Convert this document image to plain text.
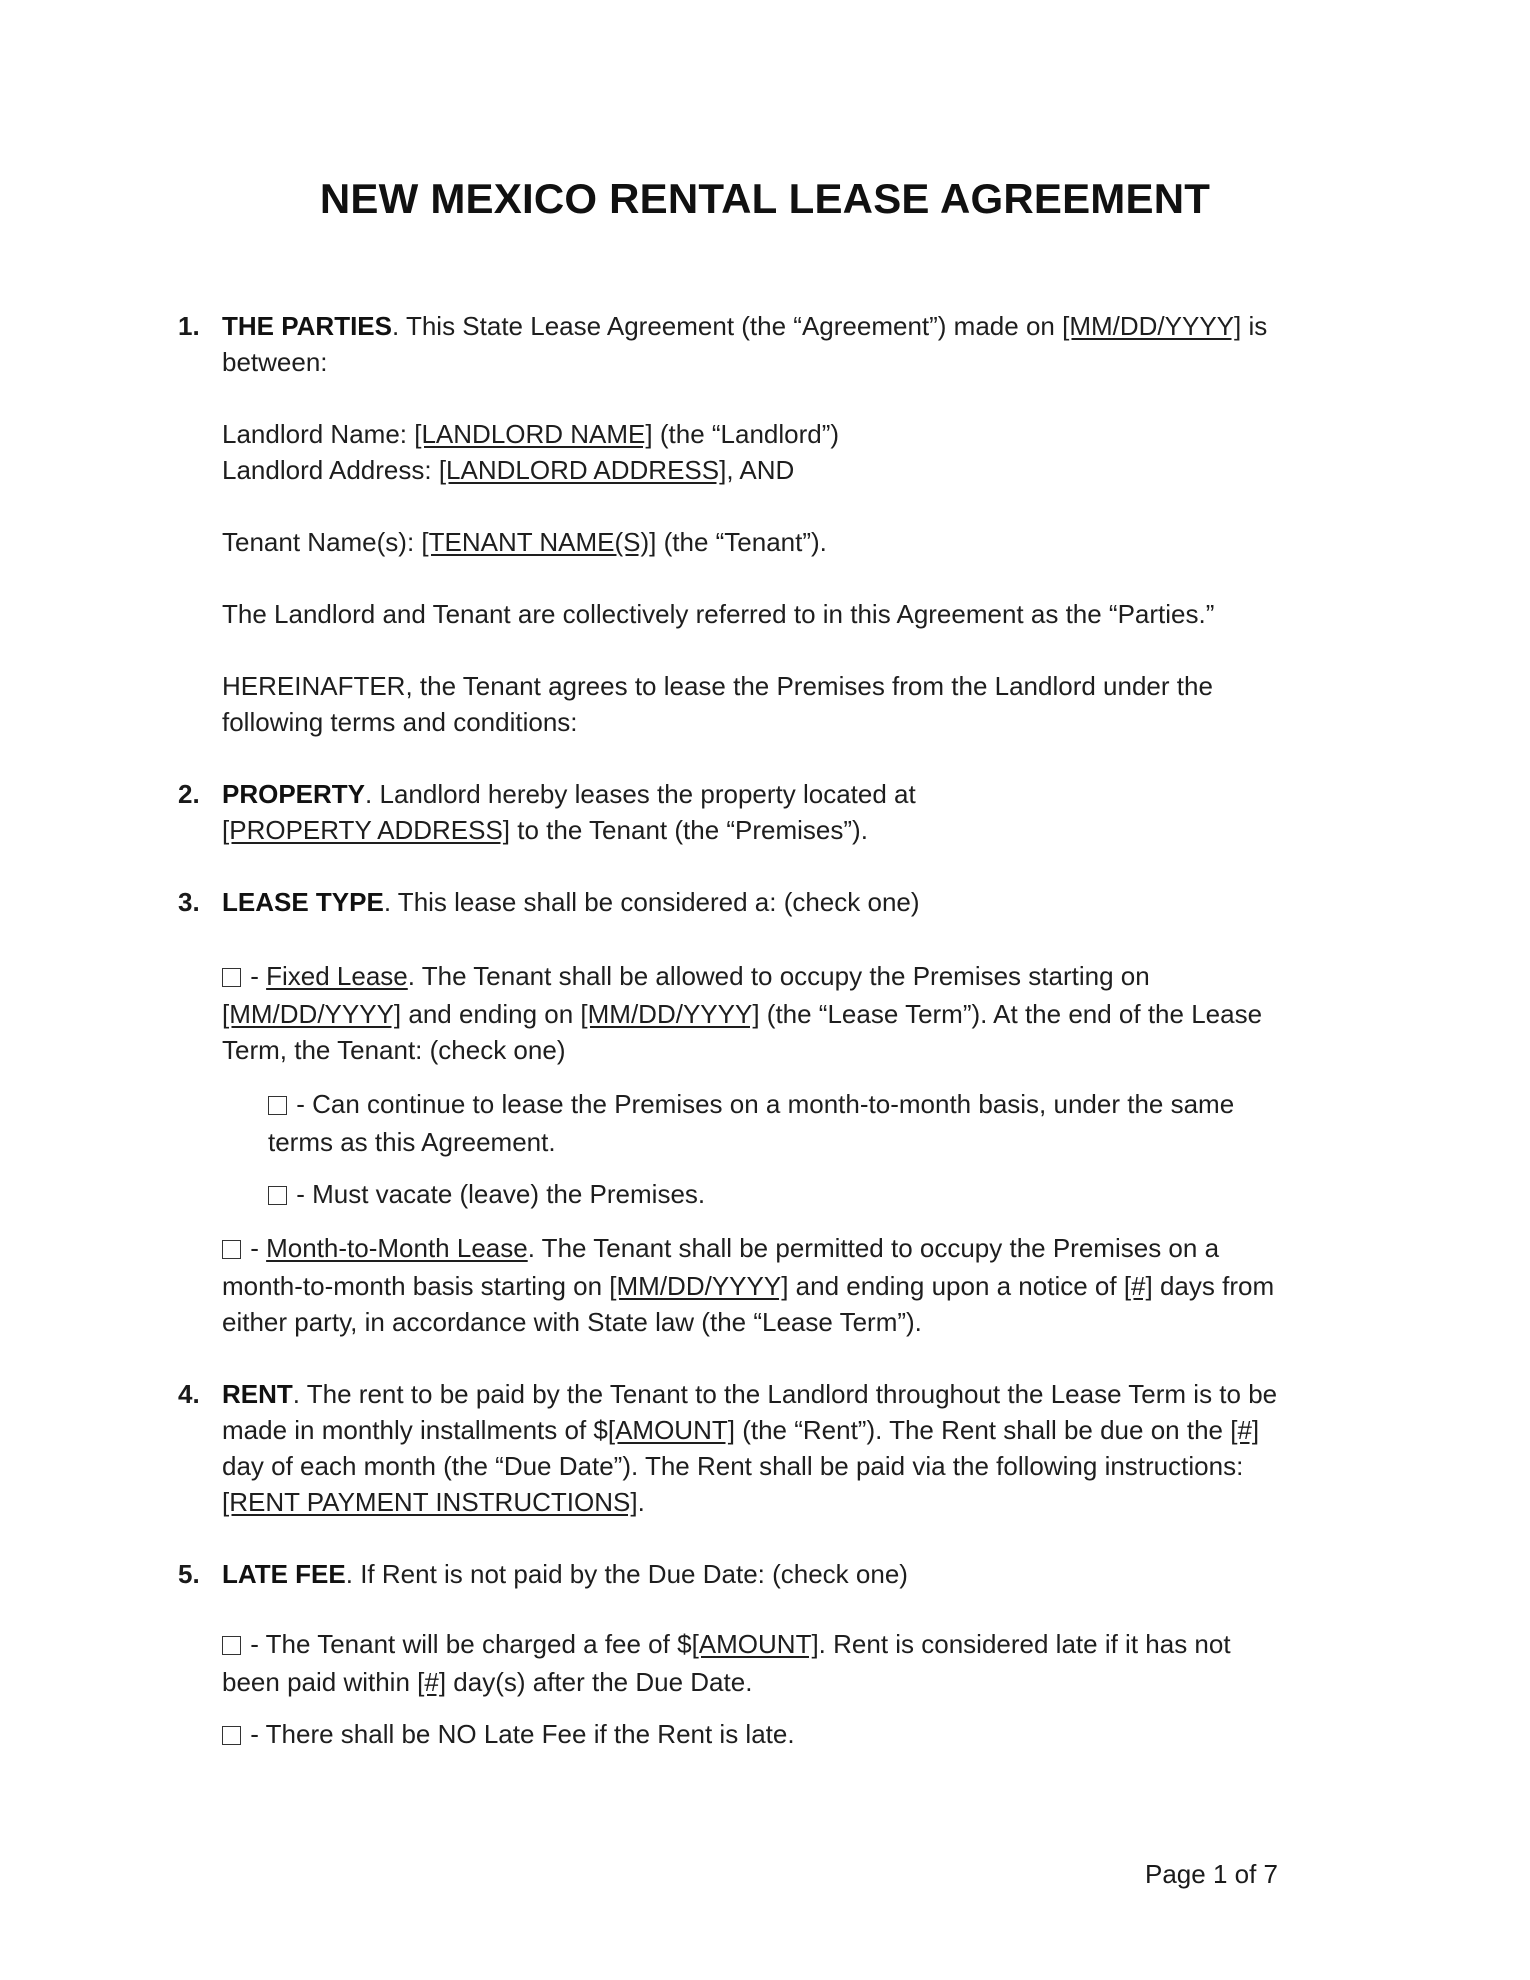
NEW MEXICO RENTAL LEASE AGREEMENT
1. THE PARTIES. This State Lease Agreement (the “Agreement”) made on [MM/DD/YYYY] is
between:
Landlord Name: [LANDLORD NAME] (the “Landlord”)
Landlord Address: [LANDLORD ADDRESS], AND
Tenant Name(s): [TENANT NAME(S)] (the “Tenant”).
The Landlord and Tenant are collectively referred to in this Agreement as the “Parties.”
HEREINAFTER, the Tenant agrees to lease the Premises from the Landlord under the
following terms and conditions:
2. PROPERTY. Landlord hereby leases the property located at
[PROPERTY ADDRESS] to the Tenant (the “Premises”).
3. LEASE TYPE. This lease shall be considered a: (check one)
- Fixed Lease. The Tenant shall be allowed to occupy the Premises starting on
[MM/DD/YYYY] and ending on [MM/DD/YYYY] (the “Lease Term”). At the end of the Lease
Term, the Tenant: (check one)
- Can continue to lease the Premises on a month-to-month basis, under the same
terms as this Agreement.
- Must vacate (leave) the Premises.
- Month-to-Month Lease. The Tenant shall be permitted to occupy the Premises on a
month-to-month basis starting on [MM/DD/YYYY] and ending upon a notice of [#] days from
either party, in accordance with State law (the “Lease Term”).
4. RENT. The rent to be paid by the Tenant to the Landlord throughout the Lease Term is to be
made in monthly installments of $[AMOUNT] (the “Rent”). The Rent shall be due on the [#]
day of each month (the “Due Date”). The Rent shall be paid via the following instructions:
[RENT PAYMENT INSTRUCTIONS].
5. LATE FEE. If Rent is not paid by the Due Date: (check one)
- The Tenant will be charged a fee of $[AMOUNT]. Rent is considered late if it has not
been paid within [#] day(s) after the Due Date.
- There shall be NO Late Fee if the Rent is late.
Page 1 of 7
